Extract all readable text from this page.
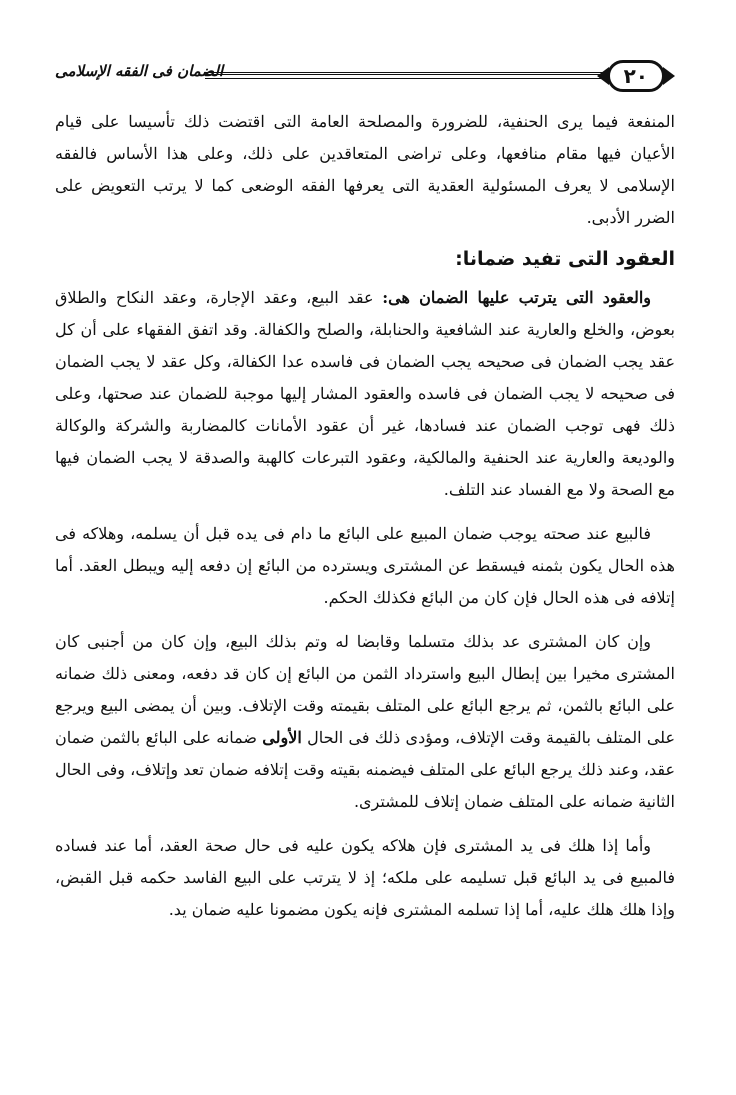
٢٠
الضمان فى الفقه الإسلامى

المنفعة فيما يرى الحنفية، للضرورة والمصلحة العامة التى اقتضت ذلك تأسيسا على قيام الأعيان فيها مقام منافعها، وعلى تراضى المتعاقدين على ذلك، وعلى هذا الأساس فالفقه الإسلامى لا يعرف المسئولية العقدية التى يعرفها الفقه الوضعى كما لا يرتب التعويض على الضرر الأدبى.

العقود التى تفيد ضمانا:

والعقود التى يترتب عليها الضمان هى: عقد البيع، وعقد الإجارة، وعقد النكاح والطلاق بعوض، والخلع والعارية عند الشافعية والحنابلة، والصلح والكفالة. وقد اتفق الفقهاء على أن كل عقد يجب الضمان فى صحيحه يجب الضمان فى فاسده عدا الكفالة، وكل عقد لا يجب الضمان فى صحيحه لا يجب الضمان فى فاسده والعقود المشار إليها موجبة للضمان عند صحتها، وعلى ذلك فهى توجب الضمان عند فسادها، غير أن عقود الأمانات كالمضاربة والشركة والوكالة والوديعة والعارية عند الحنفية والمالكية، وعقود التبرعات كالهبة والصدقة لا يجب الضمان فيها مع الصحة ولا مع الفساد عند التلف.

فالبيع عند صحته يوجب ضمان المبيع على البائع ما دام فى يده قبل أن يسلمه، وهلاكه فى هذه الحال يكون بثمنه فيسقط عن المشترى ويسترده من البائع إن دفعه إليه ويبطل العقد. أما إتلافه فى هذه الحال فإن كان من البائع فكذلك الحكم.

وإن كان المشترى عد بذلك متسلما وقابضا له وتم بذلك البيع، وإن كان من أجنبى كان المشترى مخيرا بين إبطال البيع واسترداد الثمن من البائع إن كان قد دفعه، ومعنى ذلك ضمانه على البائع بالثمن، ثم يرجع البائع على المتلف بقيمته وقت الإتلاف. وبين أن يمضى البيع ويرجع على المتلف بالقيمة وقت الإتلاف، ومؤدى ذلك فى الحال الأولى ضمانه على البائع بالثمن ضمان عقد، وعند ذلك يرجع البائع على المتلف فيضمنه بقيته وقت إتلافه ضمان تعد وإتلاف، وفى الحال الثانية ضمانه على المتلف ضمان إتلاف للمشترى.

وأما إذا هلك فى يد المشترى فإن هلاكه يكون عليه فى حال صحة العقد، أما عند فساده فالمبيع فى يد البائع قبل تسليمه على ملكه؛ إذ لا يترتب على البيع الفاسد حكمه قبل القبض، وإذا هلك هلك عليه، أما إذا تسلمه المشترى فإنه يكون مضمونا عليه ضمان يد.
